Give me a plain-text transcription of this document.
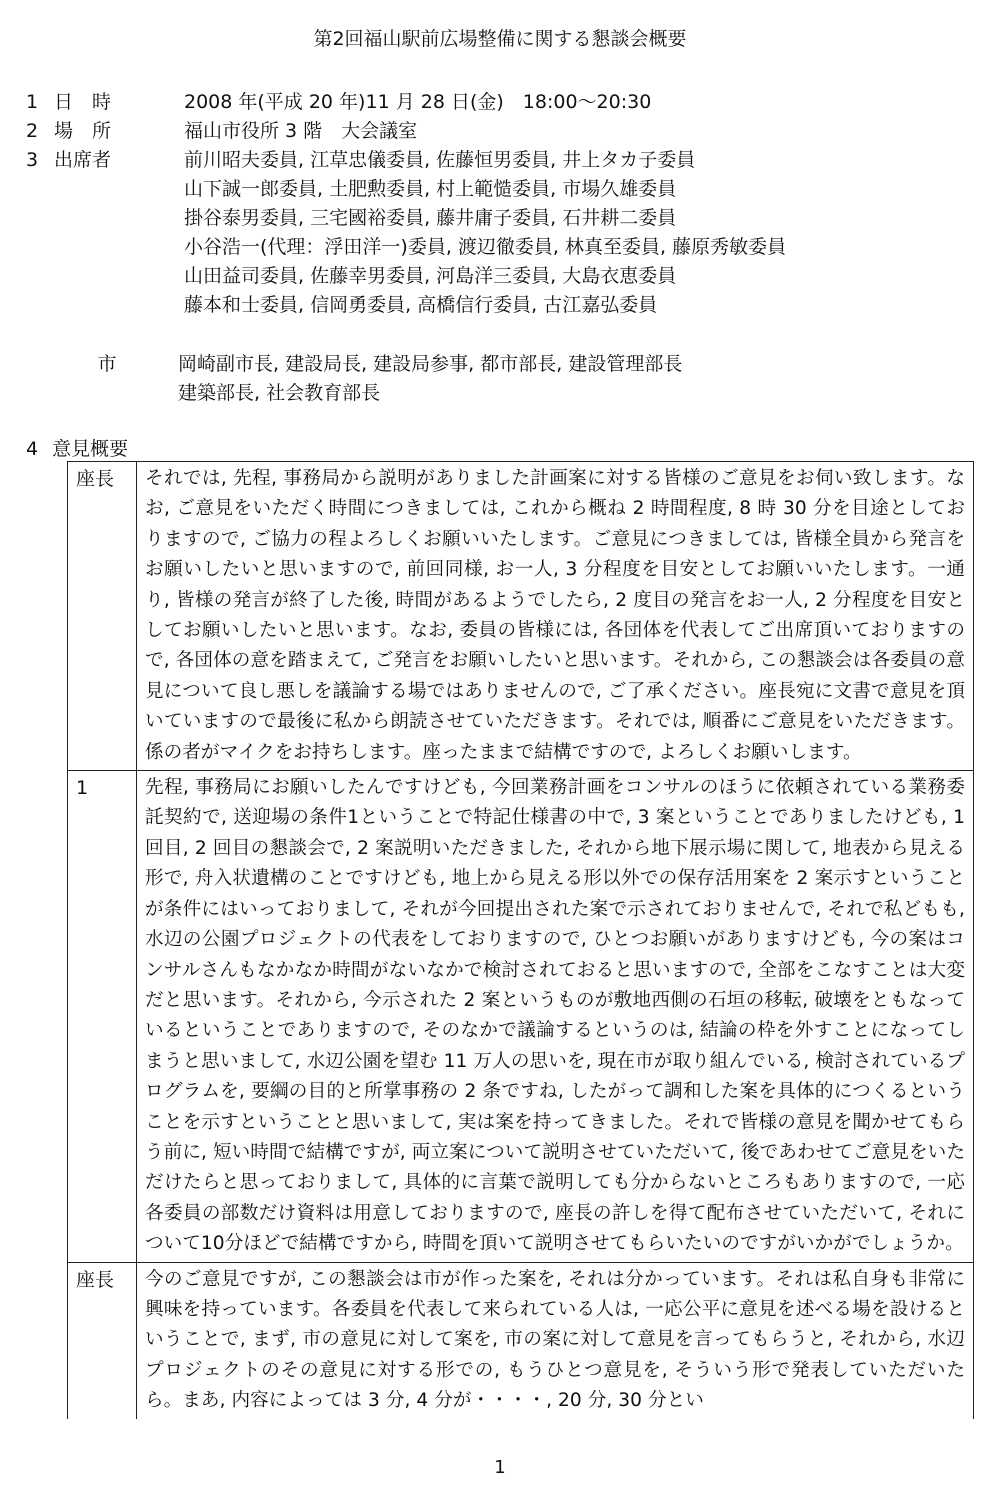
第2回福山駅前広場整備に関する懇談会概要
1 日　時	2008 年(平成 20 年)11 月 28 日(金)　18:00～20:30
2 場　所	福山市役所 3 階　大会議室
3 出席者	前川昭夫委員, 江草忠儀委員, 佐藤恒男委員, 井上タカ子委員
山下誠一郎委員, 土肥勲委員, 村上範慥委員, 市場久雄委員
掛谷泰男委員, 三宅國裕委員, 藤井庸子委員, 石井耕二委員
小谷浩一(代理：浮田洋一)委員, 渡辺徹委員, 林真至委員, 藤原秀敏委員
山田益司委員, 佐藤幸男委員, 河島洋三委員, 大島衣恵委員
藤本和士委員, 信岡勇委員, 高橋信行委員, 古江嘉弘委員
市	岡崎副市長, 建設局長, 建設局参事, 都市部長, 建設管理部長
建築部長, 社会教育部長
4 意見概要
座長	それでは, 先程, 事務局から説明がありました計画案に対する皆様のご意見をお伺い致します。なお, ご意見をいただく時間につきましては, これから概ね 2 時間程度, 8 時 30 分を目途としておりますので, ご協力の程よろしくお願いいたします。ご意見につきましては, 皆様全員から発言をお願いしたいと思いますので, 前回同様, お一人, 3 分程度を目安としてお願いいたします。一通り, 皆様の発言が終了した後, 時間があるようでしたら, 2 度目の発言をお一人, 2 分程度を目安としてお願いしたいと思います。なお, 委員の皆様には, 各団体を代表してご出席頂いておりますので, 各団体の意を踏まえて, ご発言をお願いしたいと思います。それから, この懇談会は各委員の意見について良し悪しを議論する場ではありませんので, ご了承ください。座長宛に文書で意見を頂いていますので最後に私から朗読させていただきます。それでは, 順番にご意見をいただきます。係の者がマイクをお持ちします。座ったままで結構ですので, よろしくお願いします。
1	先程, 事務局にお願いしたんですけども, 今回業務計画をコンサルのほうに依頼されている業務委託契約で, 送迎場の条件1ということで特記仕様書の中で, 3 案ということでありましたけども, 1 回目, 2 回目の懇談会で, 2 案説明いただきました, それから地下展示場に関して, 地表から見える形で, 舟入状遺構のことですけども, 地上から見える形以外での保存活用案を 2 案示すということが条件にはいっておりまして, それが今回提出された案で示されておりませんで, それで私どもも, 水辺の公園プロジェクトの代表をしておりますので, ひとつお願いがありますけども, 今の案はコンサルさんもなかなか時間がないなかで検討されておると思いますので, 全部をこなすことは大変だと思います。それから, 今示された 2 案というものが敷地西側の石垣の移転, 破壊をともなっているということでありますので, そのなかで議論するというのは, 結論の枠を外すことになってしまうと思いまして, 水辺公園を望む 11 万人の思いを, 現在市が取り組んでいる, 検討されているプログラムを, 要綱の目的と所掌事務の 2 条ですね, したがって調和した案を具体的につくるということを示すということと思いまして, 実は案を持ってきました。それで皆様の意見を聞かせてもらう前に, 短い時間で結構ですが, 両立案について説明させていただいて, 後であわせてご意見をいただけたらと思っておりまして, 具体的に言葉で説明しても分からないところもありますので, 一応各委員の部数だけ資料は用意しておりますので, 座長の許しを得て配布させていただいて, それについて10分ほどで結構ですから, 時間を頂いて説明させてもらいたいのですがいかがでしょうか。
座長	今のご意見ですが, この懇談会は市が作った案を, それは分かっています。それは私自身も非常に興味を持っています。各委員を代表して来られている人は, 一応公平に意見を述べる場を設けるということで, まず, 市の意見に対して案を, 市の案に対して意見を言ってもらうと, それから, 水辺プロジェクトのその意見に対する形での, もうひとつ意見を, そういう形で発表していただいたら。まあ, 内容によっては 3 分, 4 分が・・・・, 20 分, 30 分とい
1
